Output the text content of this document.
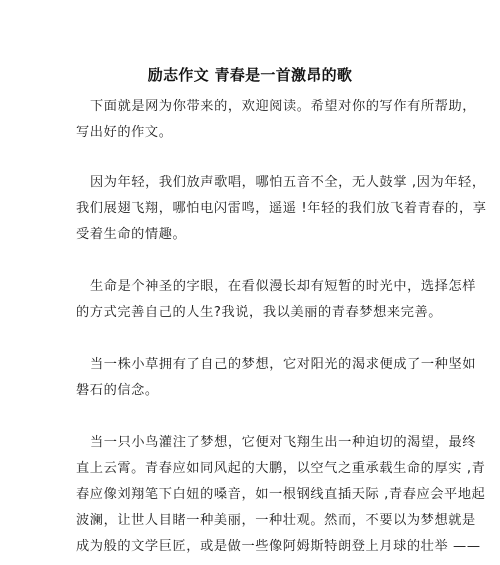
励志作文 青春是一首激昂的歌
下面就是网为你带来的，欢迎阅读。希望对你的写作有所帮助，
写出好的作文。
因为年轻，我们放声歌唱，哪怕五音不全，无人鼓掌 ,因为年轻，
我们展翅飞翔，哪怕电闪雷鸣，遥遥 !年轻的我们放飞着青春的，享
受着生命的情趣。
生命是个神圣的字眼，在看似漫长却有短暂的时光中，选择怎样
的方式完善自己的人生?我说，我以美丽的青春梦想来完善。
当一株小草拥有了自己的梦想，它对阳光的渴求便成了一种坚如
磐石的信念。
当一只小鸟灌注了梦想，它便对飞翔生出一种迫切的渴望，最终
直上云霄。青春应如同风起的大鹏，以空气之重承载生命的厚实 ,青
春应像刘翔笔下白妞的嗓音，如一根钢线直插天际 ,青春应会平地起
波澜，让世人目睹一种美丽，一种壮观。然而，不要以为梦想就是
成为般的文学巨匠，或是做一些像阿姆斯特朗登上月球的壮举 ——
